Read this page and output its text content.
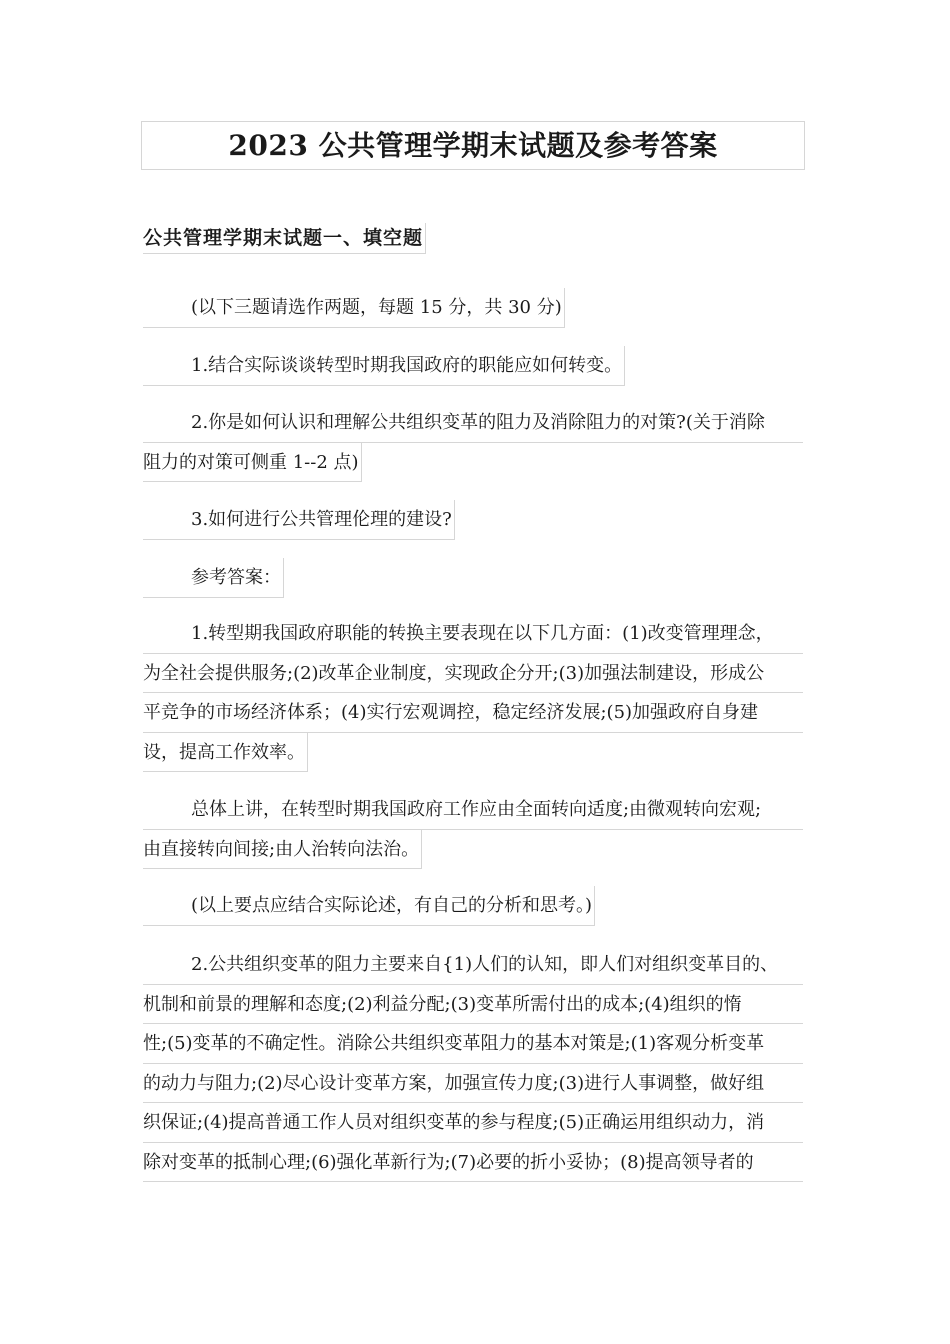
2023 公共管理学期末试题及参考答案
公共管理学期末试题一、填空题
(以下三题请选作两题，每题 15 分，共 30 分)
1.结合实际谈谈转型时期我国政府的职能应如何转变。
2.你是如何认识和理解公共组织变革的阻力及消除阻力的对策?(关于消除
阻力的对策可侧重 1--2 点)
3.如何进行公共管理伦理的建设?
参考答案：
1.转型期我国政府职能的转换主要表现在以下几方面：(1)改变管理理念，
为全社会提供服务;(2)改革企业制度，实现政企分开;(3)加强法制建设，形成公
平竞争的市场经济体系；(4)实行宏观调控，稳定经济发展;(5)加强政府自身建
设，提高工作效率。
总体上讲，在转型时期我国政府工作应由全面转向适度;由微观转向宏观;
由直接转向间接;由人治转向法治。
(以上要点应结合实际论述，有自己的分析和思考。)
2.公共组织变革的阻力主要来自{1)人们的认知，即人们对组织变革目的、
机制和前景的理解和态度;(2)利益分配;(3)变革所需付出的成本;(4)组织的惰
性;(5)变革的不确定性。消除公共组织变革阻力的基本对策是;(1)客观分析变革
的动力与阻力;(2)尽心设计变革方案，加强宣传力度;(3)进行人事调整，做好组
织保证;(4)提高普通工作人员对组织变革的参与程度;(5)正确运用组织动力，消
除对变革的抵制心理;(6)强化革新行为;(7)必要的折小妥协；(8)提高领导者的
